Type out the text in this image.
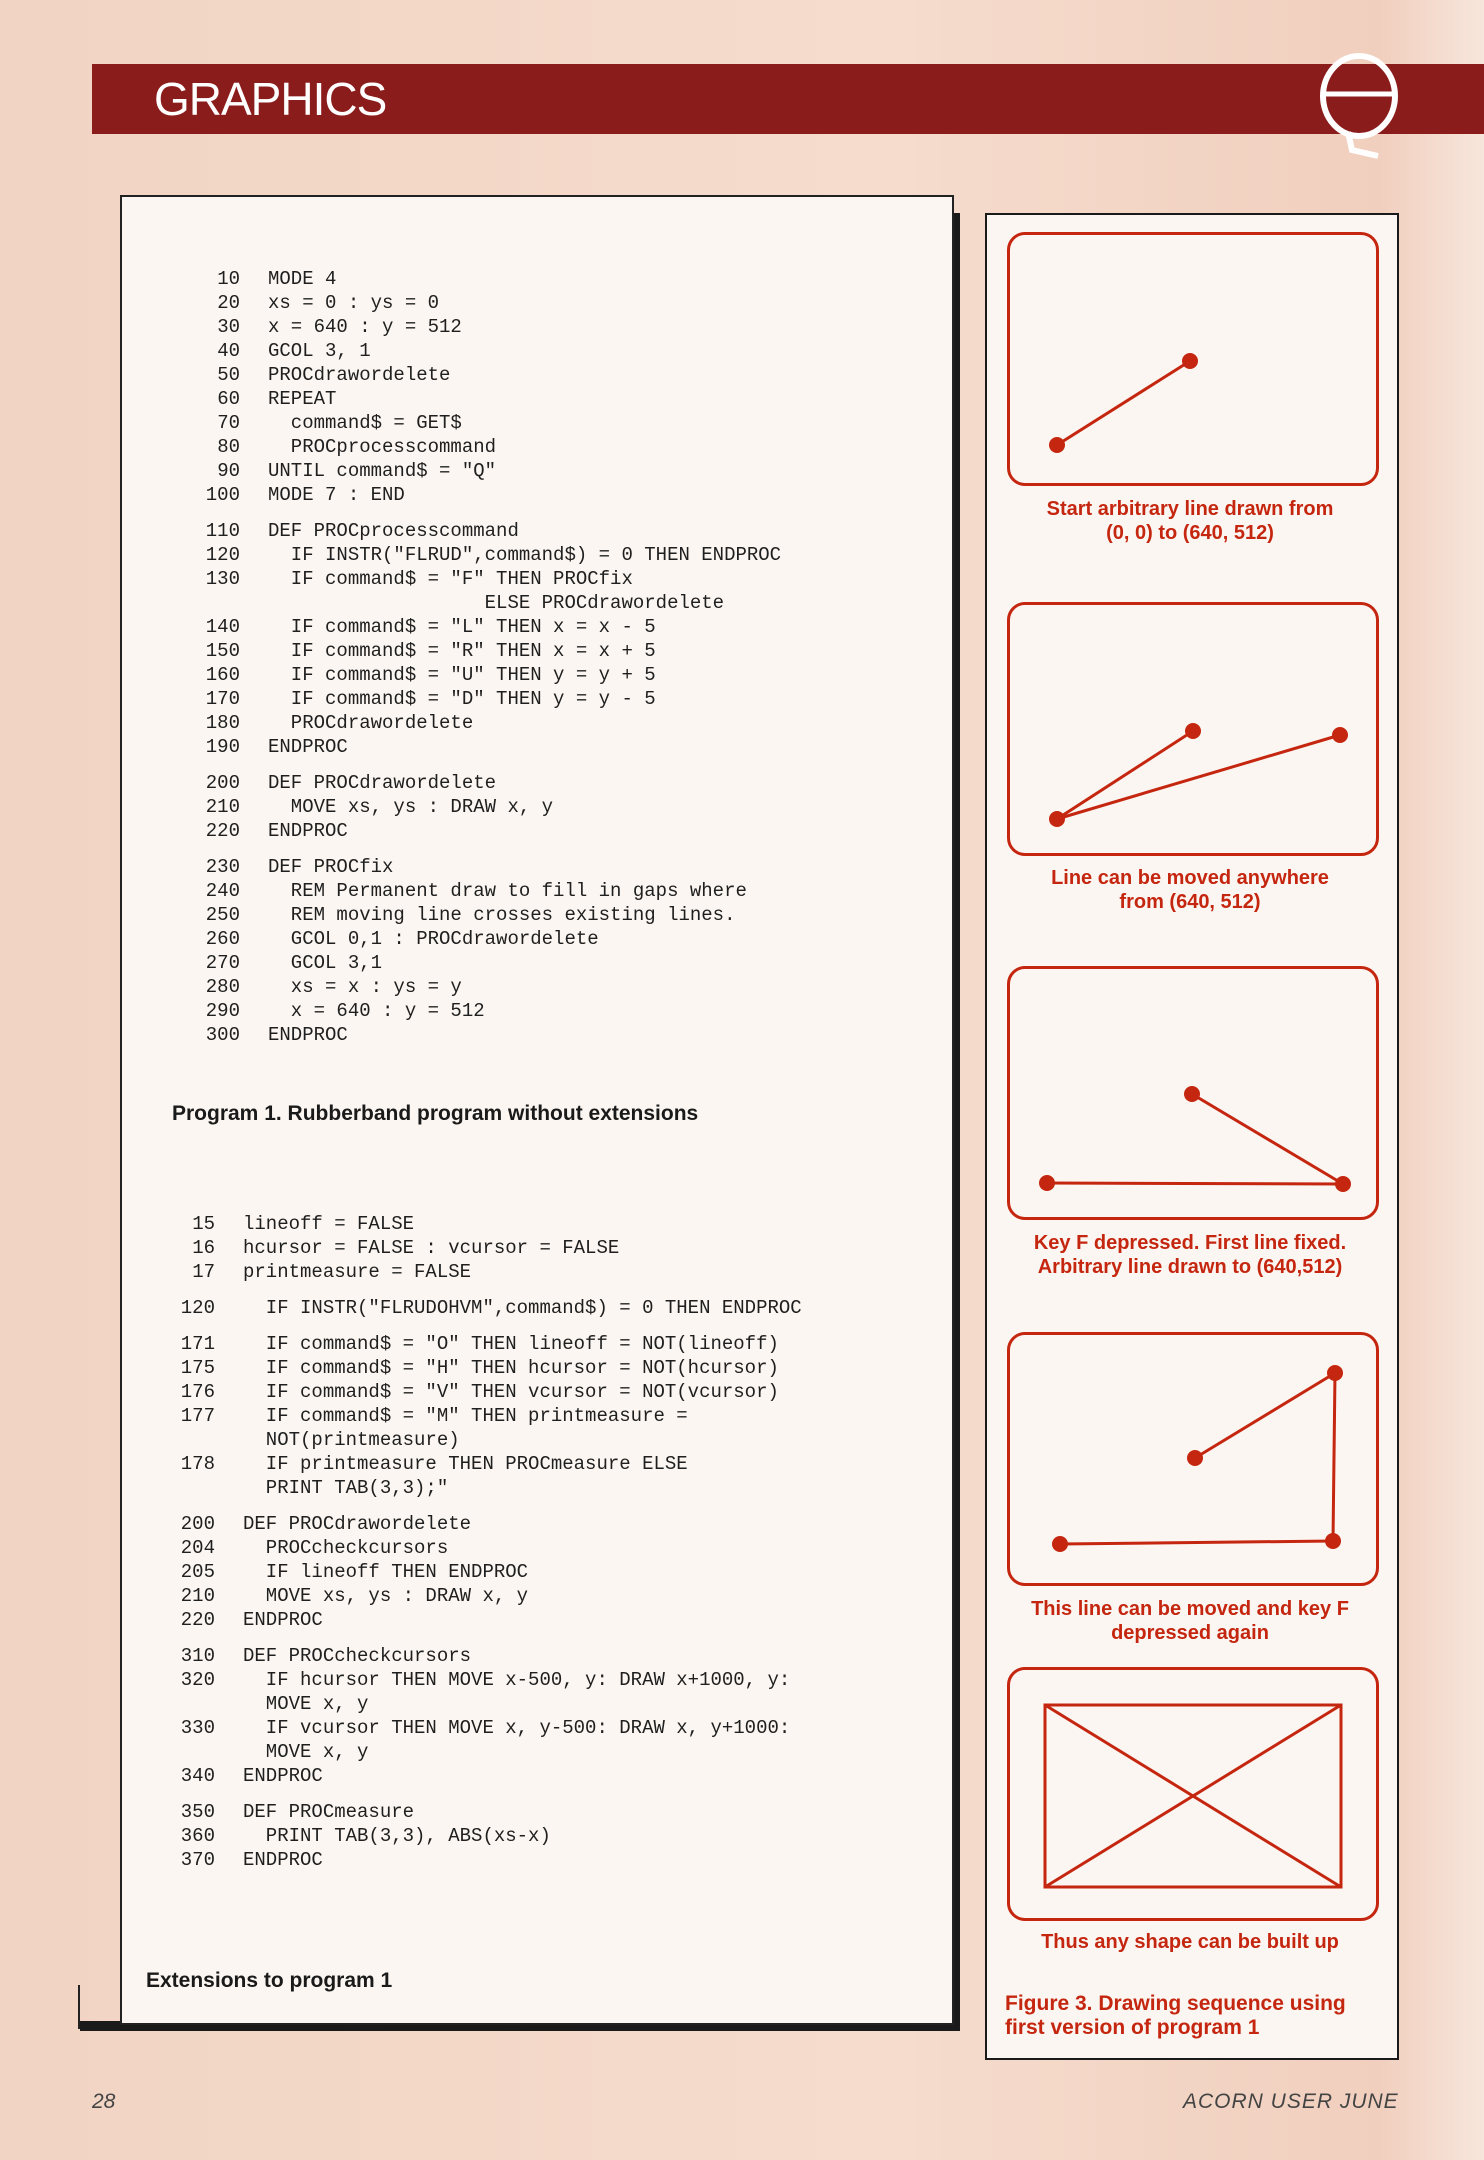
GRAPHICS
10 MODE 4
20 xs = 0 : ys = 0
30 x = 640 : y = 512
40 GCOL 3, 1
50 PROCdrawordelete
60 REPEAT
70  command$ = GET$
80  PROCprocesscommand
90 UNTIL command$ = "Q"
100 MODE 7 : END
110 DEF PROCprocesscommand
120  IF INSTR("FLRUD",command$) = 0 THEN ENDPROC
130  IF command$ = "F" THEN PROCfix
ELSE PROCdrawordelete
140  IF command$ = "L" THEN x = x - 5
150  IF command$ = "R" THEN x = x + 5
160  IF command$ = "U" THEN y = y + 5
170  IF command$ = "D" THEN y = y - 5
180  PROCdrawordelete
190 ENDPROC
200 DEF PROCdrawordelete
210  MOVE xs, ys : DRAW x, y
220 ENDPROC
230 DEF PROCfix
240  REM Permanent draw to fill in gaps where
250  REM moving line crosses existing lines.
260  GCOL 0,1 : PROCdrawordelete
270  GCOL 3,1
280  xs = x : ys = y
290  x = 640 : y = 512
300 ENDPROC
Program 1. Rubberband program without extensions
15 lineoff = FALSE
16 hcursor = FALSE : vcursor = FALSE
17 printmeasure = FALSE
120  IF INSTR("FLRUDOHVM",command$) = 0 THEN ENDPROC
171  IF command$ = "O" THEN lineoff = NOT(lineoff)
175  IF command$ = "H" THEN hcursor = NOT(hcursor)
176  IF command$ = "V" THEN vcursor = NOT(vcursor)
177  IF command$ = "M" THEN printmeasure =
NOT(printmeasure)
178  IF printmeasure THEN PROCmeasure ELSE
PRINT TAB(3,3);"
200 DEF PROCdrawordelete
204  PROCcheckcursors
205  IF lineoff THEN ENDPROC
210  MOVE xs, ys : DRAW x, y
220 ENDPROC
310 DEF PROCcheckcursors
320  IF hcursor THEN MOVE x-500, y: DRAW x+1000, y:
MOVE x, y
330  IF vcursor THEN MOVE x, y-500: DRAW x, y+1000:
MOVE x, y
340 ENDPROC
350 DEF PROCmeasure
360  PRINT TAB(3,3), ABS(xs-x)
370 ENDPROC
Extensions to program 1
Start arbitrary line drawn from
(0, 0) to (640, 512)
Line can be moved anywhere
from (640, 512)
Key F depressed. First line fixed.
Arbitrary line drawn to (640,512)
This line can be moved and key F
depressed again
Thus any shape can be built up
Figure 3. Drawing sequence using
first version of program 1
28	ACORN USER JUNE
